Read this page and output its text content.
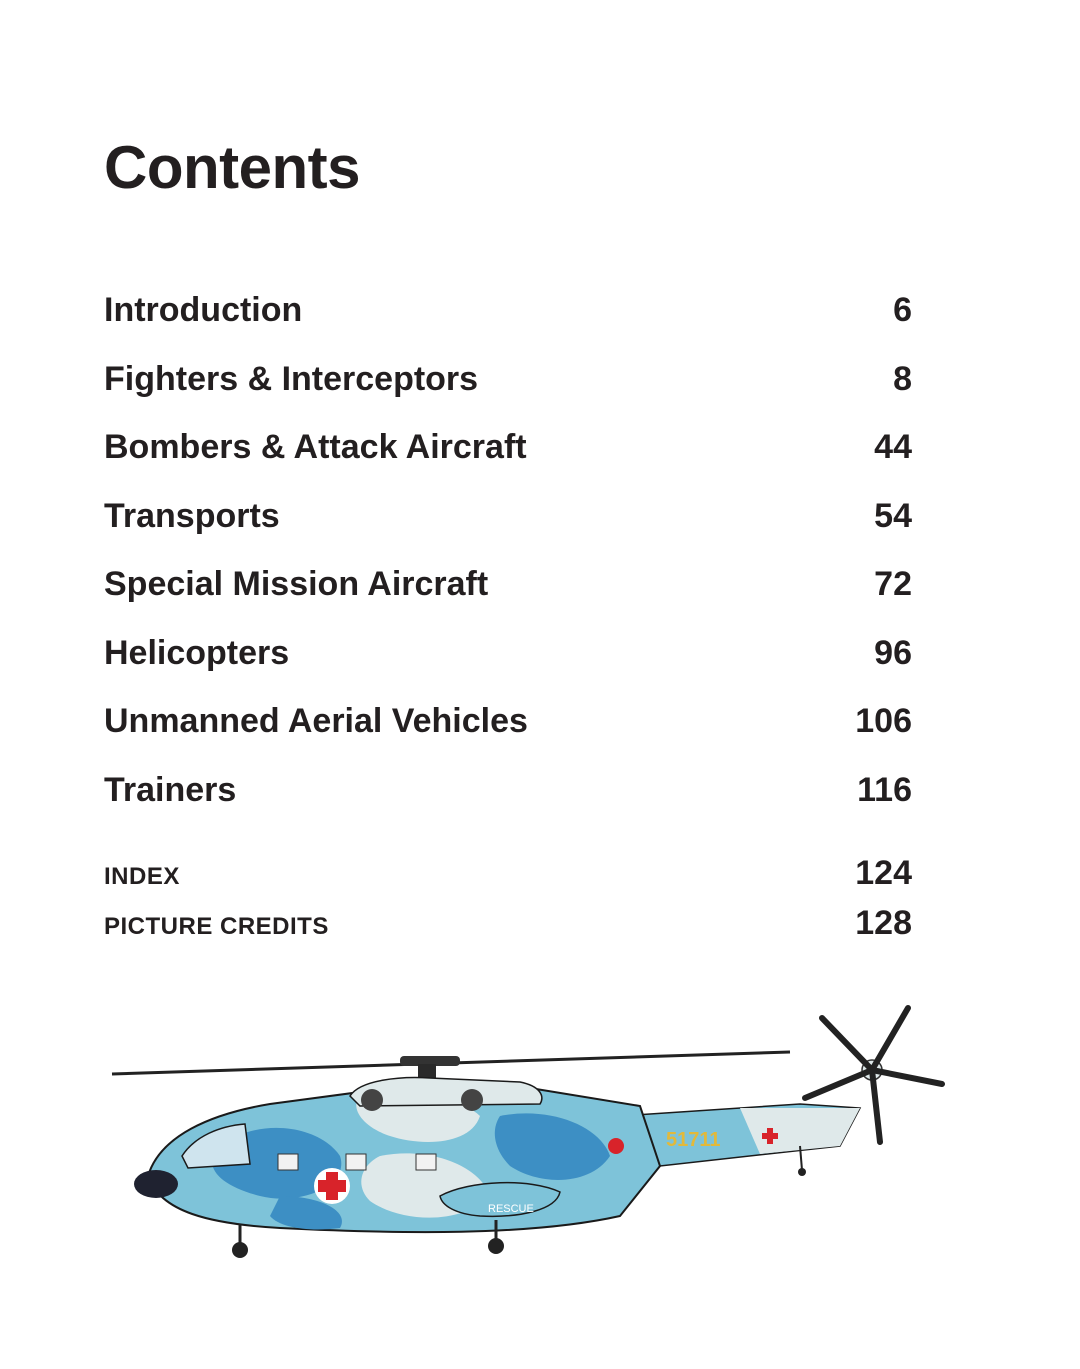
Contents
Introduction	6
Fighters & Interceptors	8
Bombers & Attack Aircraft	44
Transports	54
Special Mission Aircraft	72
Helicopters	96
Unmanned Aerial Vehicles	106
Trainers	116
INDEX	124
PICTURE CREDITS	128
51711
RESCUE
